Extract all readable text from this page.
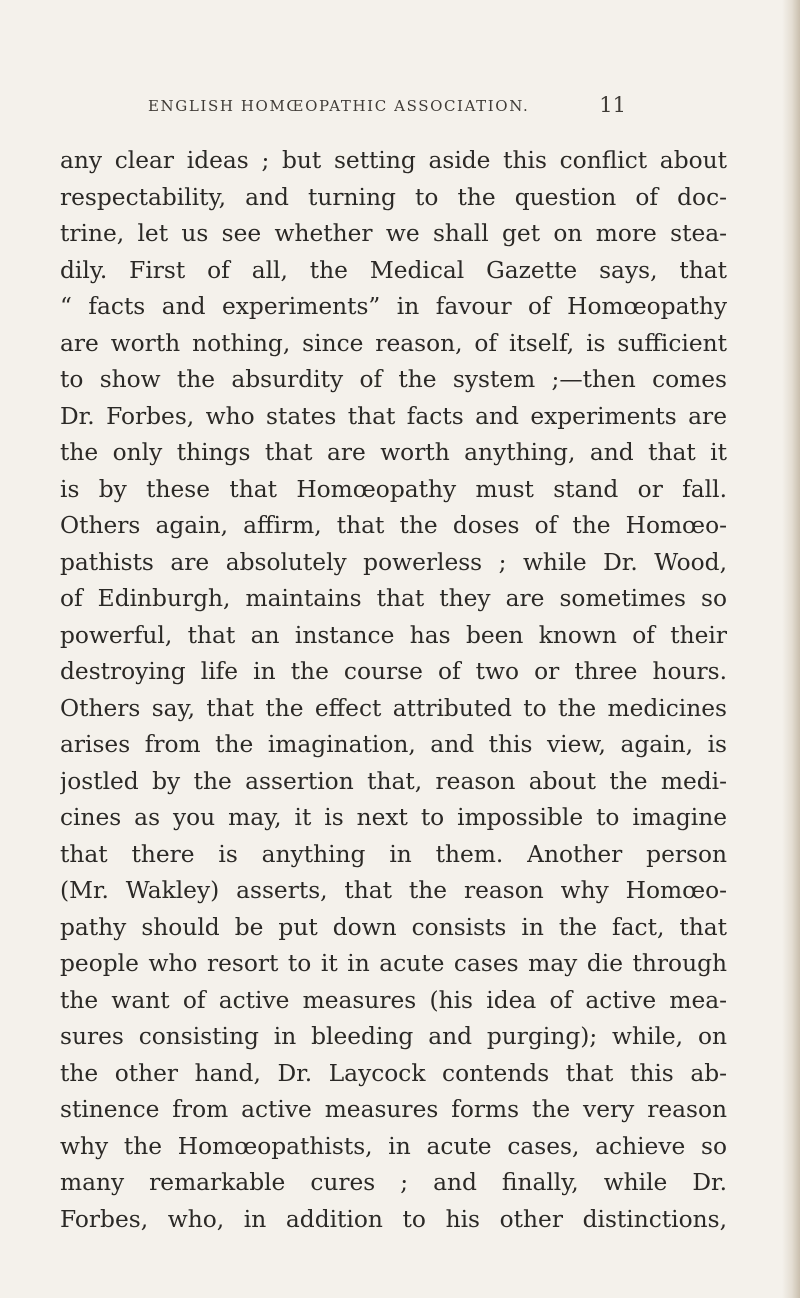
ENGLISH HOMŒOPATHIC ASSOCIATION.	11
any clear ideas ; but setting aside this conflict about
respectability, and turning to the question of doc-
trine, let us see whether we shall get on more stea-
dily. First of all, the Medical Gazette says, that
“ facts and experiments” in favour of Homœopathy
are worth nothing, since reason, of itself, is sufficient
to show the absurdity of the system ;—then comes
Dr. Forbes, who states that facts and experiments are
the only things that are worth anything, and that it
is by these that Homœopathy must stand or fall.
Others again, affirm, that the doses of the Homœo-
pathists are absolutely powerless ; while Dr. Wood,
of Edinburgh, maintains that they are sometimes so
powerful, that an instance has been known of their
destroying life in the course of two or three hours.
Others say, that the effect attributed to the medicines
arises from the imagination, and this view, again, is
jostled by the assertion that, reason about the medi-
cines as you may, it is next to impossible to imagine
that there is anything in them. Another person
(Mr. Wakley) asserts, that the reason why Homœo-
pathy should be put down consists in the fact, that
people who resort to it in acute cases may die through
the want of active measures (his idea of active mea-
sures consisting in bleeding and purging); while, on
the other hand, Dr. Laycock contends that this ab-
stinence from active measures forms the very reason
why the Homœopathists, in acute cases, achieve so
many remarkable cures ; and finally, while Dr.
Forbes, who, in addition to his other distinctions,
